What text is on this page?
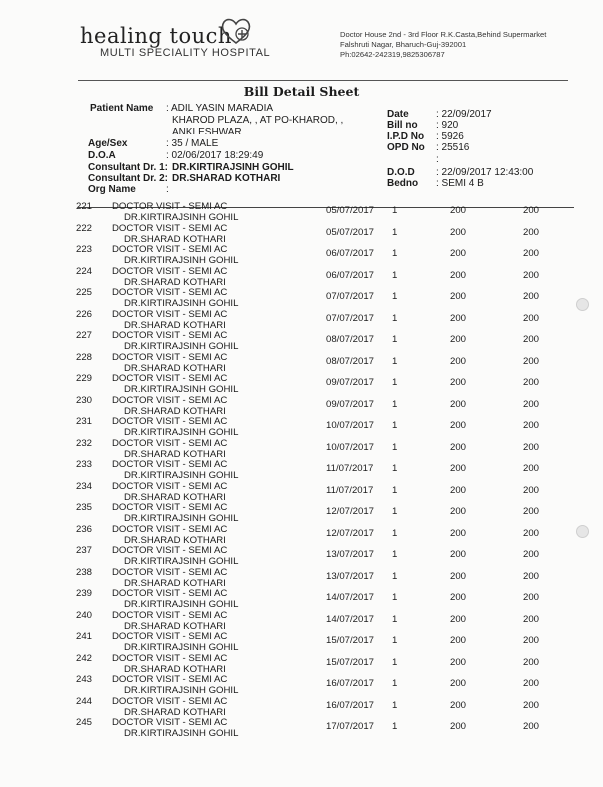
healing touch
MULTI SPECIALITY HOSPITAL
Doctor House 2nd - 3rd Floor R.K.Casta,Behind Supermarket
Falshruti Nagar, Bharuch-Guj-392001
Ph:02642-242319,9825306787
Bill Detail Sheet
Patient Name : ADIL YASIN MARADIA
KHAROD PLAZA, , AT PO-KHAROD, ,
ANKLESHWAR
Age/Sex	: 35 / MALE
D.O.A	: 02/06/2017 18:29:49
Consultant Dr. 1: DR.KIRTIRAJSINH GOHIL
Consultant Dr. 2: DR.SHARAD KOTHARI
Org Name	:
Date	: 22/09/2017
Bill no : 920
I.P.D No : 5926
OPD No : 25516
:
D.O.D : 22/09/2017 12:43:00
Bedno : SEMI 4 B
221 DOCTOR VISIT - SEMI AC
DR.KIRTIRAJSINH GOHIL
05/07/2017 1	200	200
222 DOCTOR VISIT - SEMI AC
DR.SHARAD KOTHARI
05/07/2017 1	200	200
223 DOCTOR VISIT - SEMI AC
DR.KIRTIRAJSINH GOHIL
06/07/2017 1	200	200
224 DOCTOR VISIT - SEMI AC
DR.SHARAD KOTHARI
06/07/2017 1	200	200
225 DOCTOR VISIT - SEMI AC
DR.KIRTIRAJSINH GOHIL
07/07/2017 1	200	200
226 DOCTOR VISIT - SEMI AC
DR.SHARAD KOTHARI
07/07/2017 1	200	200
227 DOCTOR VISIT - SEMI AC
DR.KIRTIRAJSINH GOHIL
08/07/2017 1	200	200
228 DOCTOR VISIT - SEMI AC
DR.SHARAD KOTHARI
08/07/2017 1	200	200
229 DOCTOR VISIT - SEMI AC
DR.KIRTIRAJSINH GOHIL
09/07/2017 1	200	200
230 DOCTOR VISIT - SEMI AC
DR.SHARAD KOTHARI
09/07/2017 1	200	200
231 DOCTOR VISIT - SEMI AC
DR.KIRTIRAJSINH GOHIL
10/07/2017 1	200	200
232 DOCTOR VISIT - SEMI AC
DR.SHARAD KOTHARI
10/07/2017 1	200	200
233 DOCTOR VISIT - SEMI AC
DR.KIRTIRAJSINH GOHIL
11/07/2017 1	200	200
234 DOCTOR VISIT - SEMI AC
DR.SHARAD KOTHARI
11/07/2017 1	200	200
235 DOCTOR VISIT - SEMI AC
DR.KIRTIRAJSINH GOHIL
12/07/2017 1	200	200
236 DOCTOR VISIT - SEMI AC
DR.SHARAD KOTHARI
12/07/2017 1	200	200
237 DOCTOR VISIT - SEMI AC
DR.KIRTIRAJSINH GOHIL
13/07/2017 1	200	200
238 DOCTOR VISIT - SEMI AC
DR.SHARAD KOTHARI
13/07/2017 1	200	200
239 DOCTOR VISIT - SEMI AC
DR.KIRTIRAJSINH GOHIL
14/07/2017 1	200	200
240 DOCTOR VISIT - SEMI AC
DR.SHARAD KOTHARI
14/07/2017 1	200	200
241 DOCTOR VISIT - SEMI AC
DR.KIRTIRAJSINH GOHIL
15/07/2017 1	200	200
242 DOCTOR VISIT - SEMI AC
DR.SHARAD KOTHARI
15/07/2017 1	200	200
243 DOCTOR VISIT - SEMI AC
DR.KIRTIRAJSINH GOHIL
16/07/2017 1	200	200
244 DOCTOR VISIT - SEMI AC
DR.SHARAD KOTHARI
16/07/2017 1	200	200
245 DOCTOR VISIT - SEMI AC
DR.KIRTIRAJSINH GOHIL
17/07/2017 1	200	200
